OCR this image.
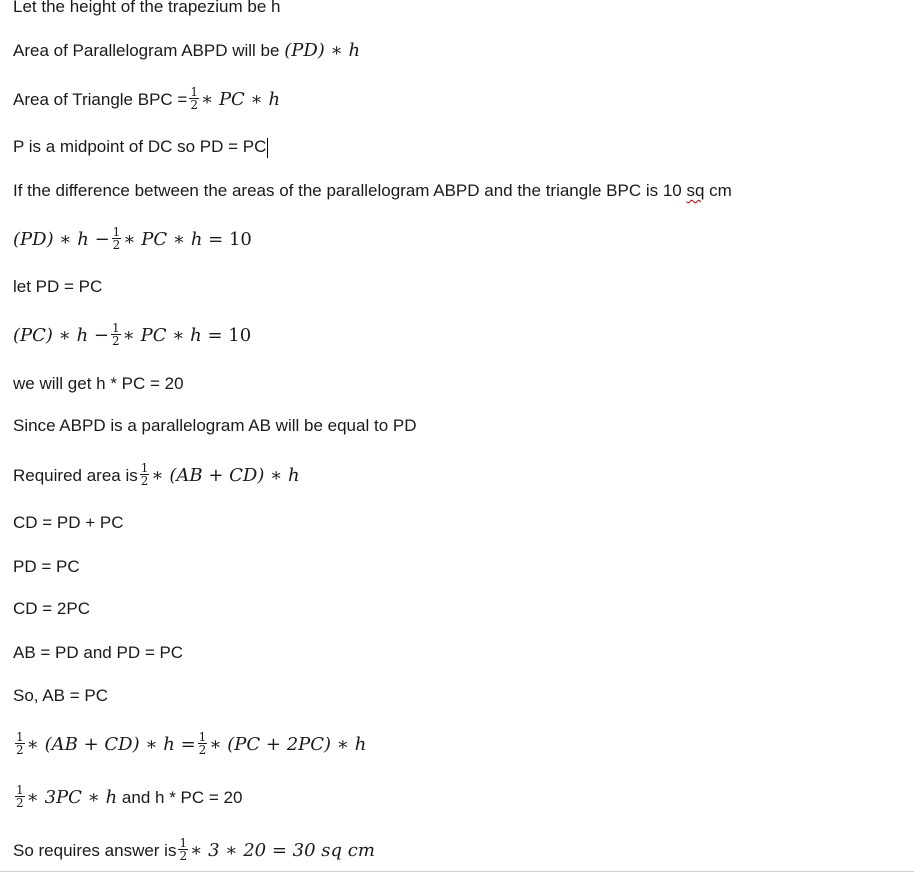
Let the height of the trapezium be h
Area of Parallelogram ABPD will be (PD) ∗ h
Area of Triangle BPC = $\frac{1}{2}$ ∗ PC ∗ h
P is a midpoint of DC so PD = PC
If the difference between the areas of the parallelogram ABPD and the triangle BPC is 10 sq cm
(PD) ∗ $h - \frac{1}{2}$ ∗ PC ∗ h = 10
let PD = PC
(PC) ∗ $h - \frac{1}{2}$ ∗ PC ∗ h = 10
we will get h * PC = 20
Since ABPD is a parallelogram AB will be equal to PD
Required area is $\frac{1}{2}$ ∗ (AB + CD) ∗ h
CD = PD + PC
PD = PC
CD = 2PC
AB = PD and PD = PC
So, AB = PC
$\frac{1}{2}$ ∗ (AB + CD) ∗ $h = \frac{1}{2}$ ∗ (PC + 2PC) ∗ h
$\frac{1}{2}$ ∗ 3PC ∗ h and h * PC = 20
So requires answer is $\frac{1}{2}$ ∗ 3 ∗ 20 = 30 sq cm
